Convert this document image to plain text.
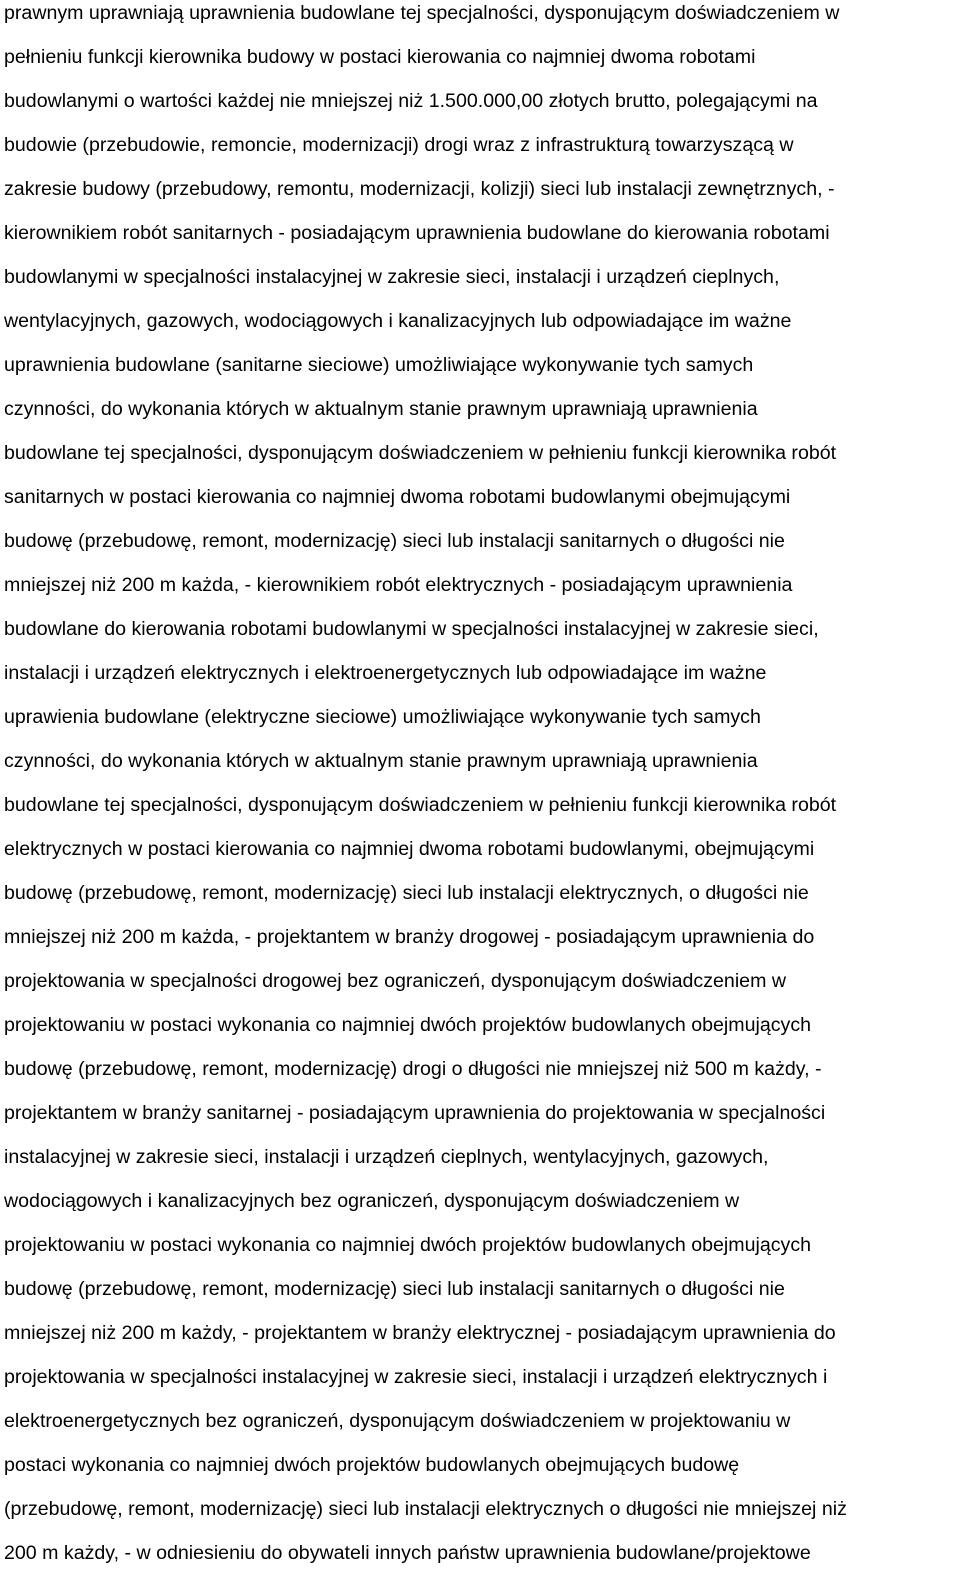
prawnym uprawniają uprawnienia budowlane tej specjalności, dysponującym doświadczeniem w
pełnieniu funkcji kierownika budowy w postaci kierowania co najmniej dwoma robotami
budowlanymi o wartości każdej nie mniejszej niż 1.500.000,00 złotych brutto, polegającymi na
budowie (przebudowie, remoncie, modernizacji) drogi wraz z infrastrukturą towarzyszącą w
zakresie budowy (przebudowy, remontu, modernizacji, kolizji) sieci lub instalacji zewnętrznych, -
kierownikiem robót sanitarnych - posiadającym uprawnienia budowlane do kierowania robotami
budowlanymi w specjalności instalacyjnej w zakresie sieci, instalacji i urządzeń cieplnych,
wentylacyjnych, gazowych, wodociągowych i kanalizacyjnych lub odpowiadające im ważne
uprawnienia budowlane (sanitarne sieciowe) umożliwiające wykonywanie tych samych
czynności, do wykonania których w aktualnym stanie prawnym uprawniają uprawnienia
budowlane tej specjalności, dysponującym doświadczeniem w pełnieniu funkcji kierownika robót
sanitarnych w postaci kierowania co najmniej dwoma robotami budowlanymi obejmującymi
budowę (przebudowę, remont, modernizację) sieci lub instalacji sanitarnych o długości nie
mniejszej niż 200 m każda, - kierownikiem robót elektrycznych - posiadającym uprawnienia
budowlane do kierowania robotami budowlanymi w specjalności instalacyjnej w zakresie sieci,
instalacji i urządzeń elektrycznych i elektroenergetycznych lub odpowiadające im ważne
uprawienia budowlane (elektryczne sieciowe) umożliwiające wykonywanie tych samych
czynności, do wykonania których w aktualnym stanie prawnym uprawniają uprawnienia
budowlane tej specjalności, dysponującym doświadczeniem w pełnieniu funkcji kierownika robót
elektrycznych w postaci kierowania co najmniej dwoma robotami budowlanymi, obejmującymi
budowę (przebudowę, remont, modernizację) sieci lub instalacji elektrycznych, o długości nie
mniejszej niż 200 m każda, - projektantem w branży drogowej - posiadającym uprawnienia do
projektowania w specjalności drogowej bez ograniczeń, dysponującym doświadczeniem w
projektowaniu w postaci wykonania co najmniej dwóch projektów budowlanych obejmujących
budowę (przebudowę, remont, modernizację) drogi o długości nie mniejszej niż 500 m każdy, -
projektantem w branży sanitarnej - posiadającym uprawnienia do projektowania w specjalności
instalacyjnej w zakresie sieci, instalacji i urządzeń cieplnych, wentylacyjnych, gazowych,
wodociągowych i kanalizacyjnych bez ograniczeń, dysponującym doświadczeniem w
projektowaniu w postaci wykonania co najmniej dwóch projektów budowlanych obejmujących
budowę (przebudowę, remont, modernizację) sieci lub instalacji sanitarnych o długości nie
mniejszej niż 200 m każdy, - projektantem w branży elektrycznej - posiadającym uprawnienia do
projektowania w specjalności instalacyjnej w zakresie sieci, instalacji i urządzeń elektrycznych i
elektroenergetycznych bez ograniczeń, dysponującym doświadczeniem w projektowaniu w
postaci wykonania co najmniej dwóch projektów budowlanych obejmujących budowę
(przebudowę, remont, modernizację) sieci lub instalacji elektrycznych o długości nie mniejszej niż
200 m każdy, - w odniesieniu do obywateli innych państw uprawnienia budowlane/projektowe
